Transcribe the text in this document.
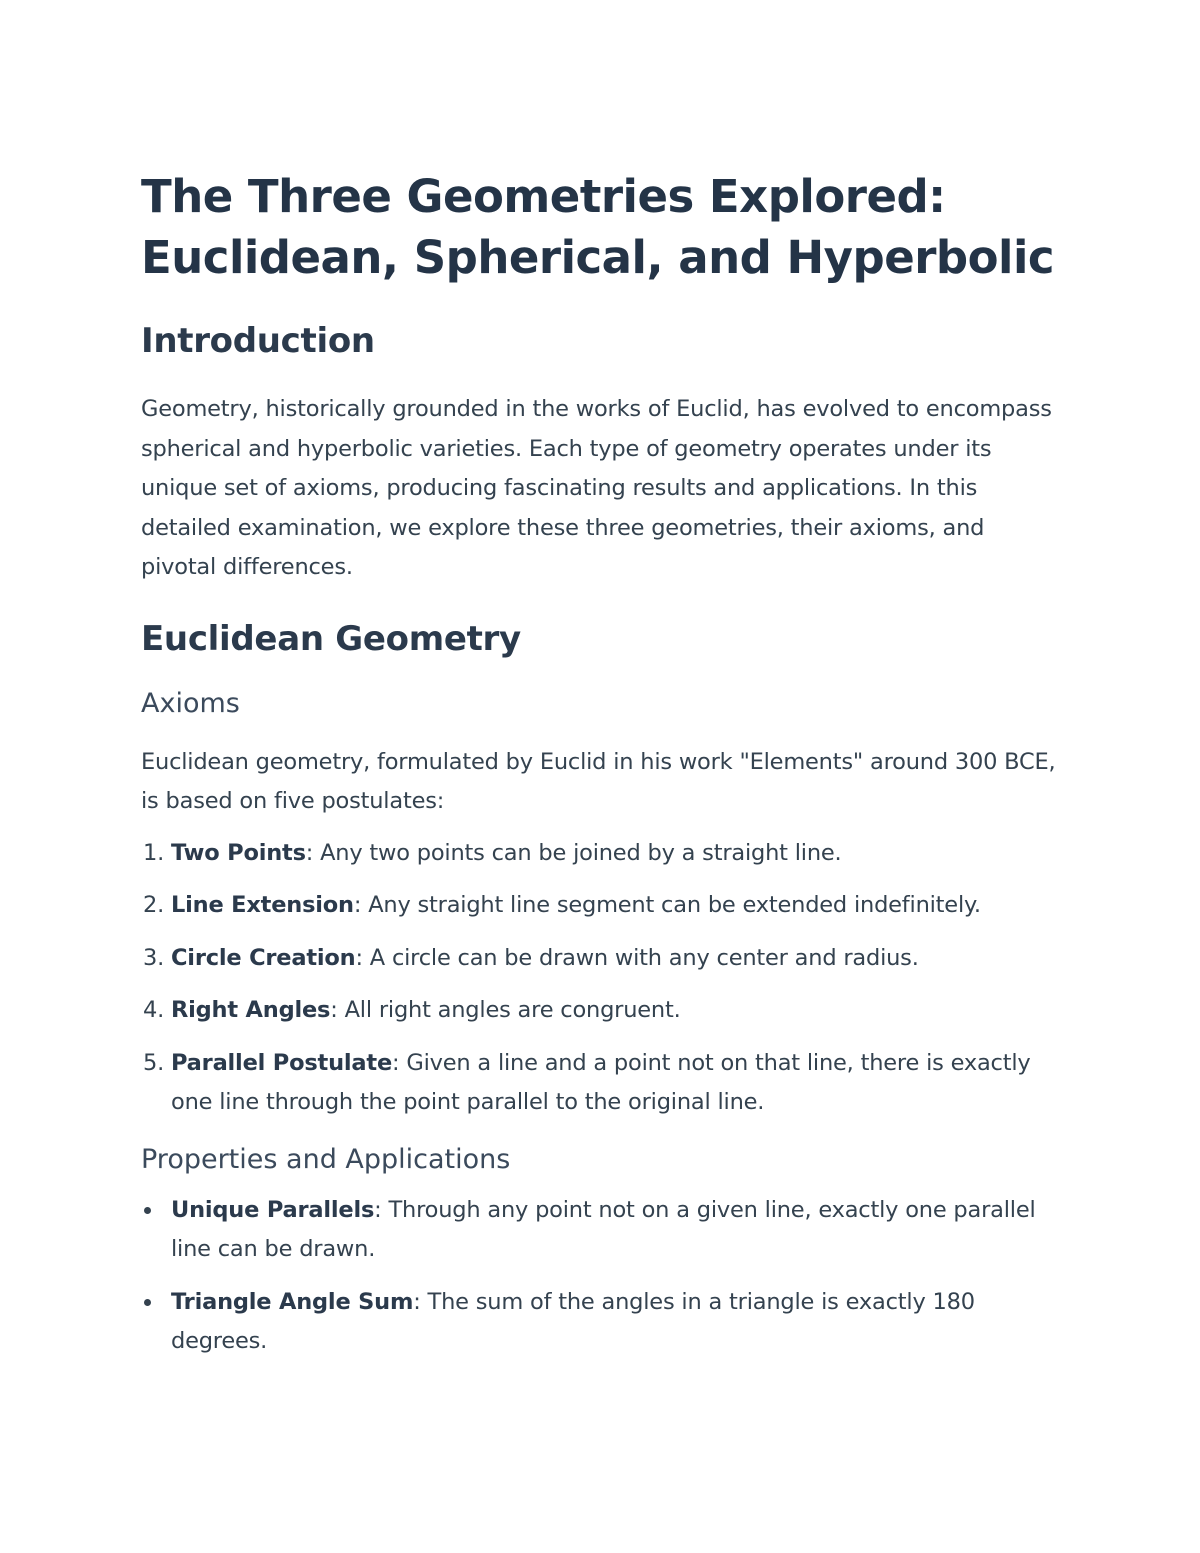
The Three Geometries Explored:
Euclidean, Spherical, and Hyperbolic
Introduction

Geometry, historically grounded in the works of Euclid, has evolved to encompass spherical and hyperbolic varieties. Each type of geometry operates under its unique set of axioms, producing fascinating results and applications. In this detailed examination, we explore these three geometries, their axioms, and pivotal differences.

Euclidean Geometry
Axioms

Euclidean geometry, formulated by Euclid in his work "Elements" around 300 BCE, is based on five postulates:

1. Two Points: Any two points can be joined by a straight line.
2. Line Extension: Any straight line segment can be extended indefinitely.
3. Circle Creation: A circle can be drawn with any center and radius.
4. Right Angles: All right angles are congruent.
5. Parallel Postulate: Given a line and a point not on that line, there is exactly one line through the point parallel to the original line.
Properties and Applications
Unique Parallels: Through any point not on a given line, exactly one parallel line can be drawn.
Triangle Angle Sum: The sum of the angles in a triangle is exactly 180 degrees.
